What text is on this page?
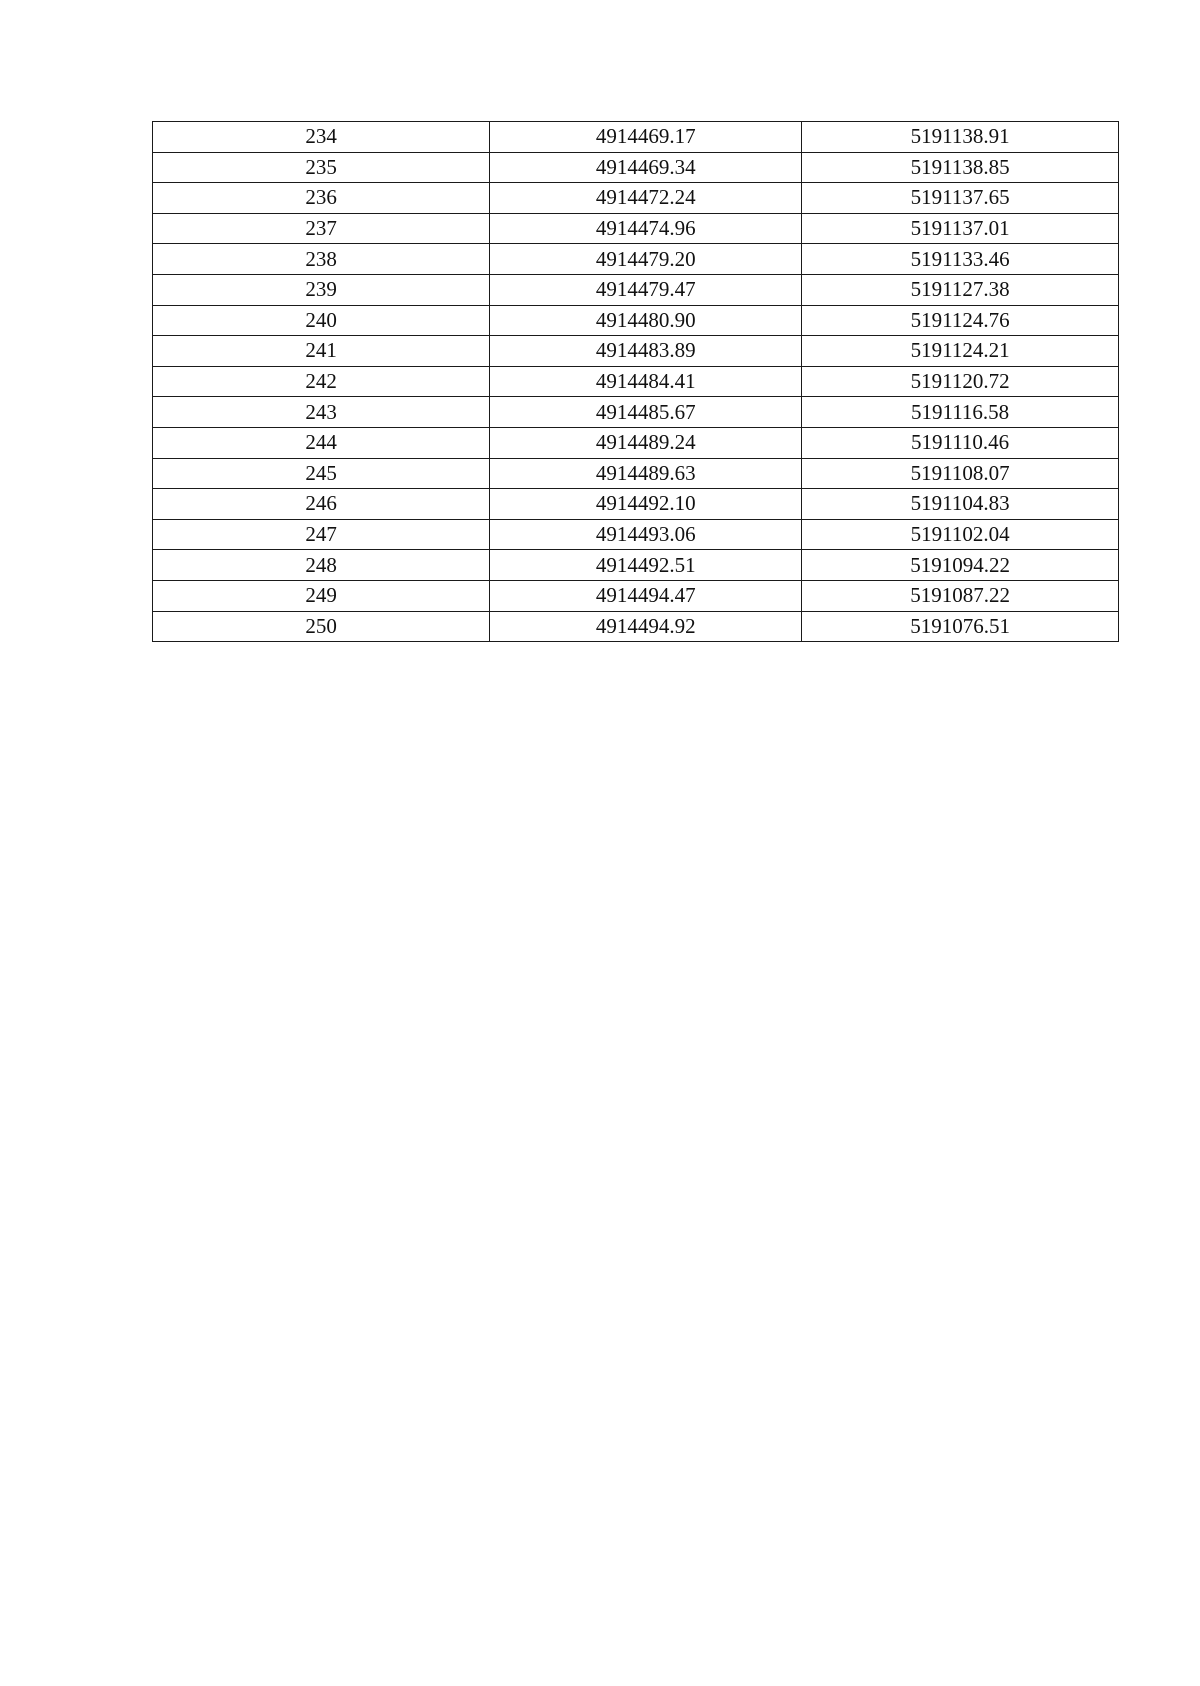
234	4914469.17	5191138.91
235	4914469.34	5191138.85
236	4914472.24	5191137.65
237	4914474.96	5191137.01
238	4914479.20	5191133.46
239	4914479.47	5191127.38
240	4914480.90	5191124.76
241	4914483.89	5191124.21
242	4914484.41	5191120.72
243	4914485.67	5191116.58
244	4914489.24	5191110.46
245	4914489.63	5191108.07
246	4914492.10	5191104.83
247	4914493.06	5191102.04
248	4914492.51	5191094.22
249	4914494.47	5191087.22
250	4914494.92	5191076.51
